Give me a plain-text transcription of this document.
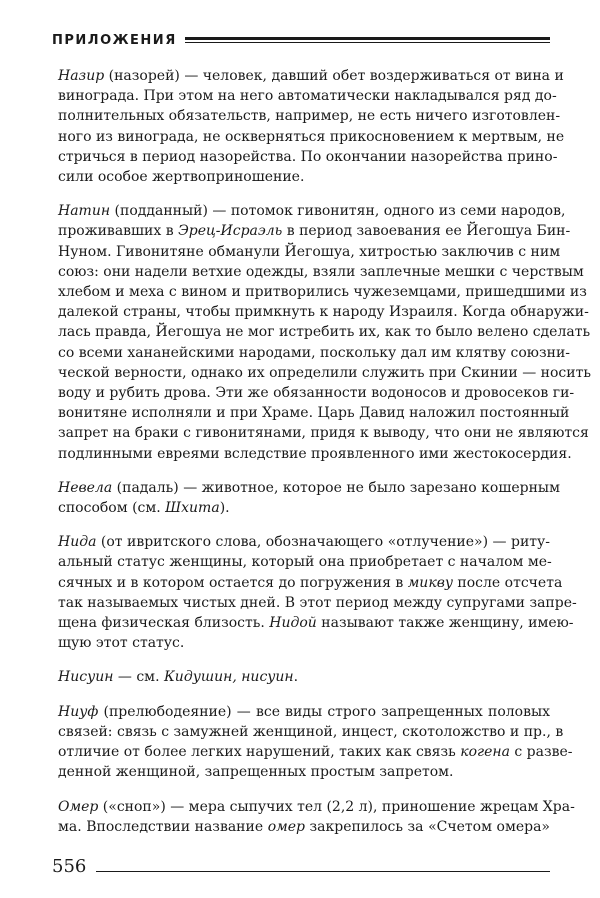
ПРИЛОЖЕНИЯ

Назир (назорей) — человек, давший обет воздерживаться от вина и
винограда. При этом на него автоматически накладывался ряд до-
полнительных обязательств, например, не есть ничего изготовлен-
ного из винограда, не оскверняться прикосновением к мертвым, не
стричься в период назорейства. По окончании назорейства прино-
сили особое жертвоприношение.

Натин (подданный) — потомок гивонитян, одного из семи народов,
проживавших в Эрец-Исраэль в период завоевания ее Йегошуа Бин-
Нуном. Гивонитяне обманули Йегошуа, хитростью заключив с ним
союз: они надели ветхие одежды, взяли заплечные мешки с черствым
хлебом и меха с вином и притворились чужеземцами, пришедшими из
далекой страны, чтобы примкнуть к народу Израиля. Когда обнаружи-
лась правда, Йегошуа не мог истребить их, как то было велено сделать
со всеми хананейскими народами, поскольку дал им клятву союзни-
ческой верности, однако их определили служить при Скинии — носить
воду и рубить дрова. Эти же обязанности водоносов и дровосеков ги-
вонитяне исполняли и при Храме. Царь Давид наложил постоянный
запрет на браки с гивонитянами, придя к выводу, что они не являются
подлинными евреями вследствие проявленного ими жестокосердия.

Невела (падаль) — животное, которое не было зарезано кошерным
способом (см. Шхита).

Нида (от ивритского слова, обозначающего «отлучение») — риту-
альный статус женщины, который она приобретает с началом ме-
сячных и в котором остается до погружения в микву после отсчета
так называемых чистых дней. В этот период между супругами запре-
щена физическая близость. Нидой называют также женщину, имею-
щую этот статус.

Нисуин — см. Кидушин, нисуин.

Ниуф (прелюбодеяние) — все виды строго запрещенных половых
связей: связь с замужней женщиной, инцест, скотоложство и пр., в
отличие от более легких нарушений, таких как связь когена с разве-
денной женщиной, запрещенных простым запретом.

Омер («сноп») — мера сыпучих тел (2,2 л), приношение жрецам Хра-
ма. Впоследствии название омер закрепилось за «Счетом омера»

556
